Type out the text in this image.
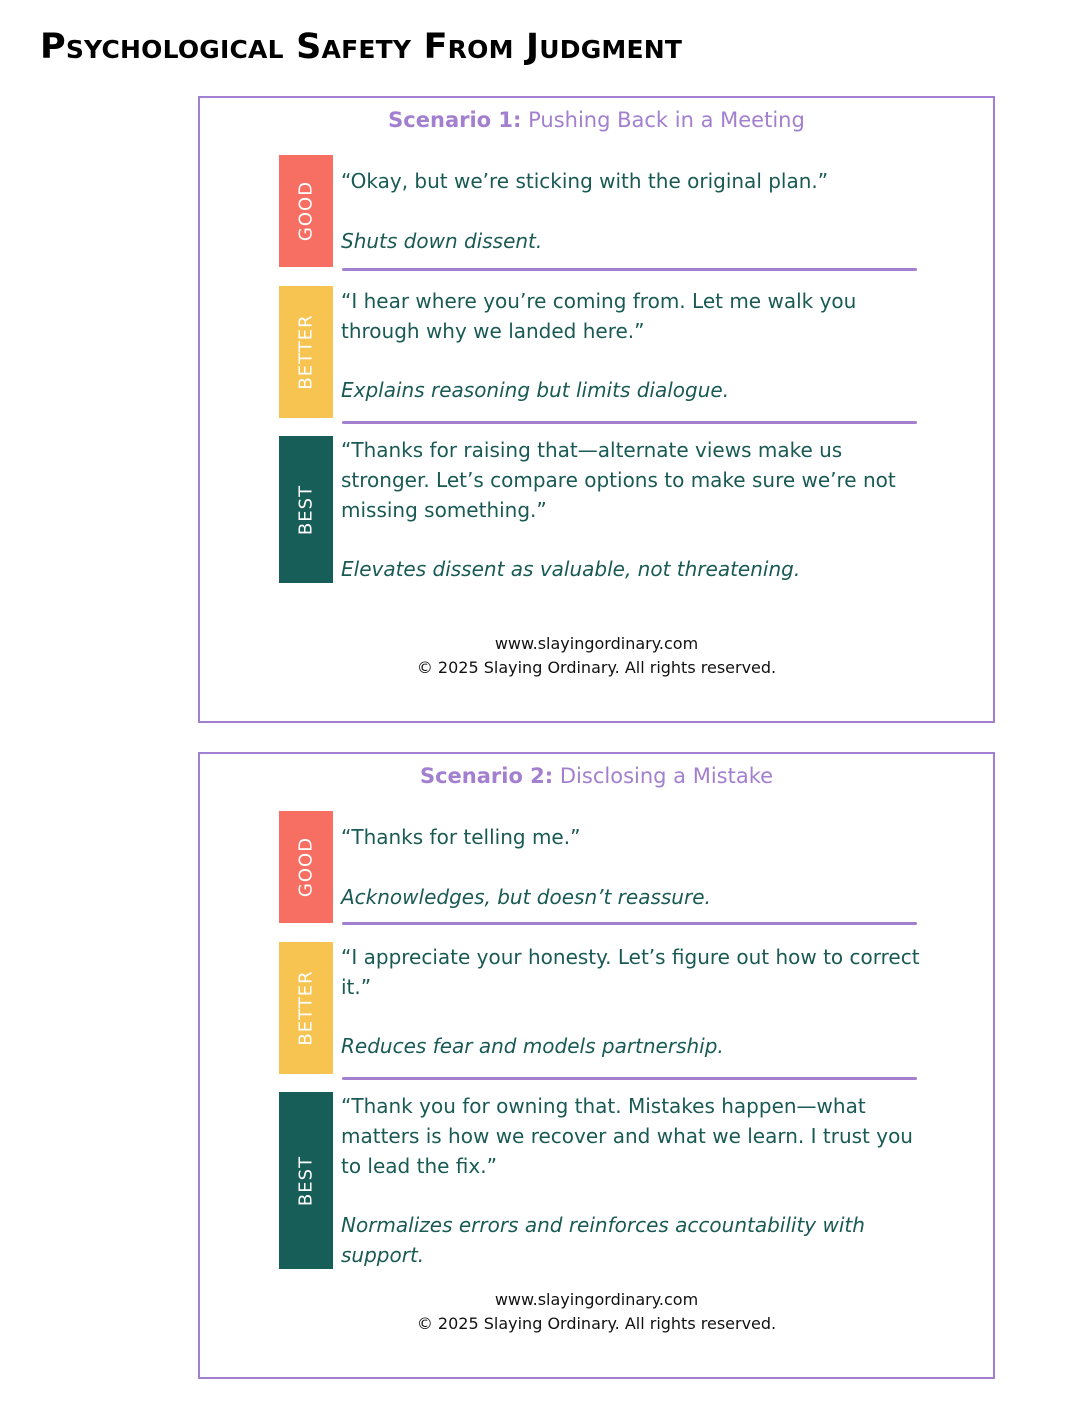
Psychological Safety From Judgment
Scenario 1: Pushing Back in a Meeting
GOOD “Okay, but we’re sticking with the original plan.”

Shuts down dissent.

BETTER

“I hear where you’re coming from. Let me walk you through why we landed here.”

Explains reasoning but limits dialogue.

BEST

“Thanks for raising that—alternate views make us stronger. Let’s compare options to make sure we’re not missing something.”

Elevates dissent as valuable, not threatening.

www.slayingordinary.com
© 2025 Slaying Ordinary. All rights reserved.
Scenario 2: Disclosing a Mistake
GOOD “Thanks for telling me.”

Acknowledges, but doesn’t reassure.

BETTER

“I appreciate your honesty. Let’s figure out how to correct it.”

Reduces fear and models partnership.

BEST

“Thank you for owning that. Mistakes happen—what matters is how we recover and what we learn. I trust you to lead the fix.”

Normalizes errors and reinforces accountability with support.

www.slayingordinary.com
© 2025 Slaying Ordinary. All rights reserved.
